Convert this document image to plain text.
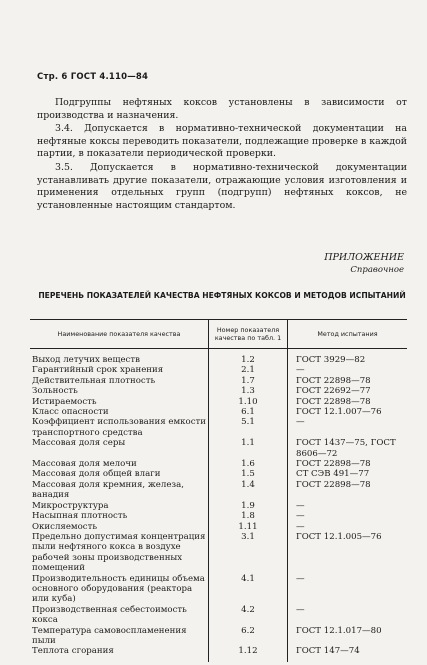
Стр. 6 ГОСТ 4.110—84
Подгруппы нефтяных коксов установлены в зависимости от производства и назначения.
3.4. Допускается в нормативно-технической документации на нефтяные коксы переводить показатели, подлежащие проверке в каждой партии, в показатели периодической проверки.
3.5. Допускается в нормативно-технической документации устанавливать другие показатели, отражающие условия изготовления и применения отдельных групп (подгрупп) нефтяных коксов, не установленные настоящим стандартом.
ПРИЛОЖЕНИЕ
Справочное
ПЕРЕЧЕНЬ ПОКАЗАТЕЛЕЙ КАЧЕСТВА НЕФТЯНЫХ КОКСОВ И МЕТОДОВ ИСПЫТАНИЙ
Наименование показателя качества	Номер показателя качества по табл. 1	Метод испытания
Выход летучих веществ	1.2	ГОСТ 3929—82
Гарантийный срок хранения	2.1	—
Действительная плотность	1.7	ГОСТ 22898—78
Зольность	1.3	ГОСТ 22692—77
Истираемость	1.10	ГОСТ 22898—78
Класс опасности	6.1	ГОСТ 12.1.007—76
Коэффициент использования емкости транспортного средства	5.1	—
Массовая доля серы	1.1	ГОСТ 1437—75, ГОСТ 8606—72
Массовая доля мелочи	1.6	ГОСТ 22898—78
Массовая доля общей влаги	1.5	СТ СЭВ 491—77
Массовая доля кремния, железа, ванадия	1.4	ГОСТ 22898—78
Микроструктура	1.9	—
Насыпная плотность	1.8	—
Окисляемость	1.11	—
Предельно допустимая концентрация пыли нефтяного кокса в воздухе рабочей зоны производственных помещений	3.1	ГОСТ 12.1.005—76
Производительность единицы объема основного оборудования (реактора или куба)	4.1	—
Производственная себестоимость кокса	4.2	—
Температура самовоспламенения пыли	6.2	ГОСТ 12.1.017—80
Теплота сгорания	1.12	ГОСТ 147—74
